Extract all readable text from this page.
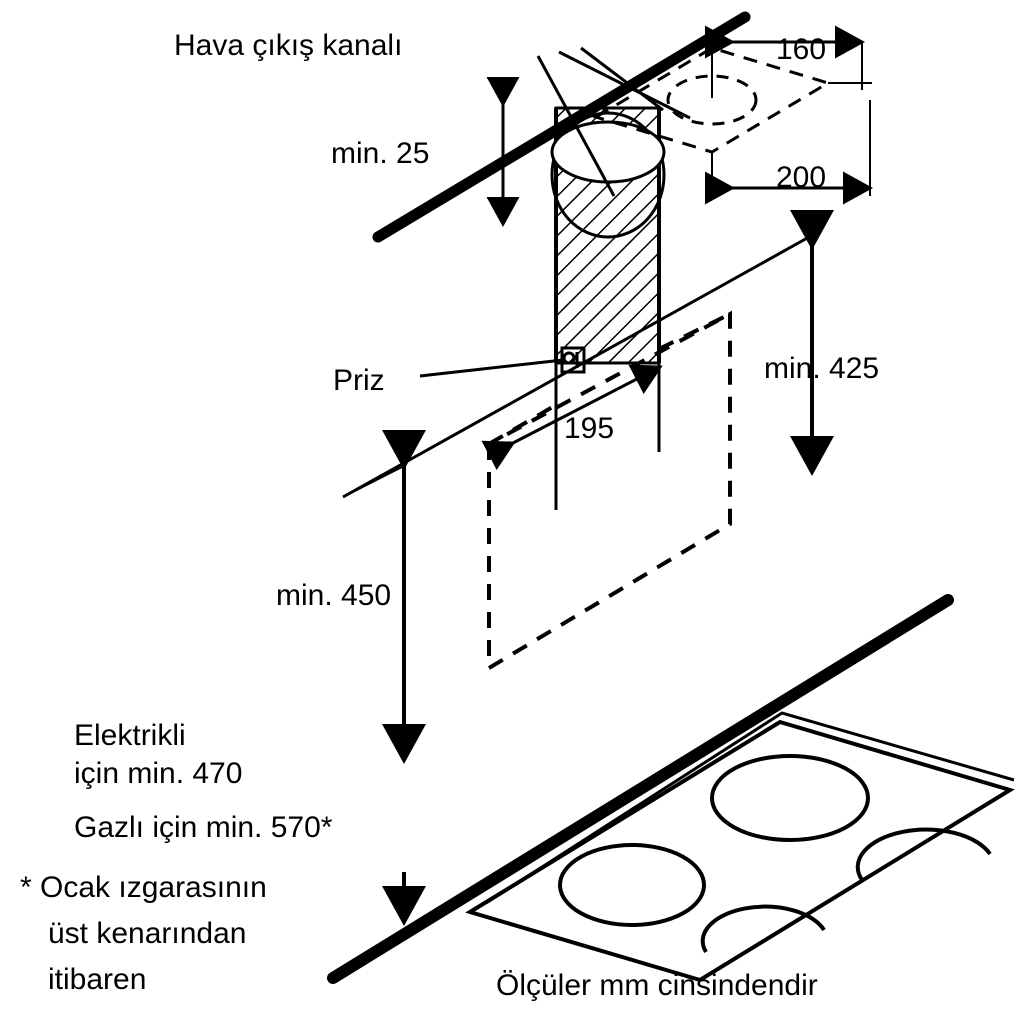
Hava çıkış kanalı
min. 25
160
200
Priz
195
min. 425
min. 450
Elektrikli
için min. 470
Gazlı için min. 570*
* Ocak ızgarasının
üst kenarından
itibaren	Ölçüler mm cinsindendir
